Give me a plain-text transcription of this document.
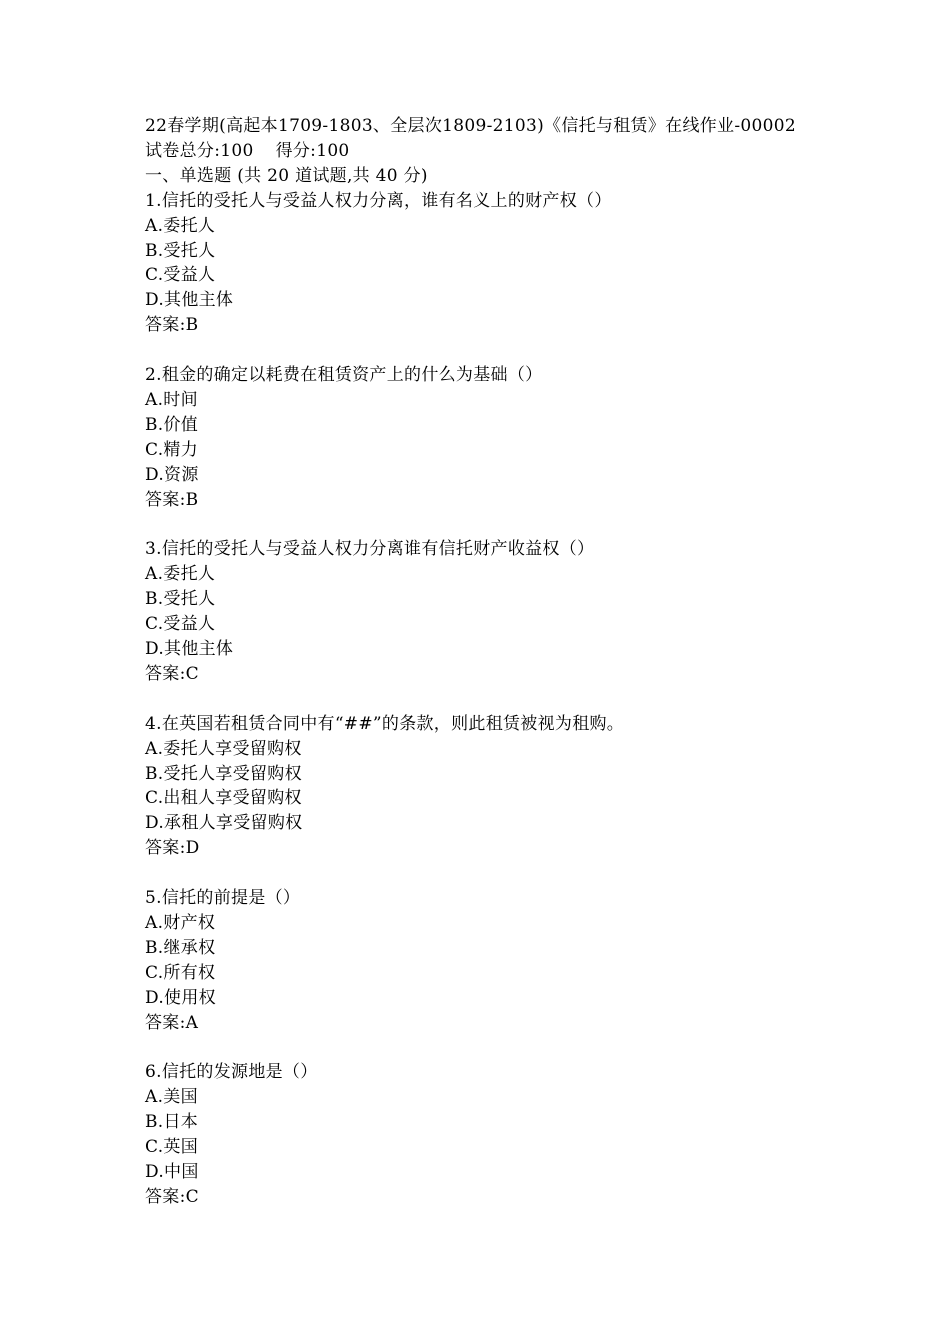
22春学期(高起本1709-1803、全层次1809-2103)《信托与租赁》在线作业-00002
试卷总分:100 得分:100
一、单选题 (共 20 道试题,共 40 分)
1.信托的受托人与受益人权力分离，谁有名义上的财产权（）
A.委托人
B.受托人
C.受益人
D.其他主体
答案:B
2.租金的确定以耗费在租赁资产上的什么为基础（）
A.时间
B.价值
C.精力
D.资源
答案:B
3.信托的受托人与受益人权力分离谁有信托财产收益权（）
A.委托人
B.受托人
C.受益人
D.其他主体
答案:C
4.在英国若租赁合同中有“##”的条款，则此租赁被视为租购。
A.委托人享受留购权
B.受托人享受留购权
C.出租人享受留购权
D.承租人享受留购权
答案:D
5.信托的前提是（）
A.财产权
B.继承权
C.所有权
D.使用权
答案:A
6.信托的发源地是（）
A.美国
B.日本
C.英国
D.中国
答案:C
